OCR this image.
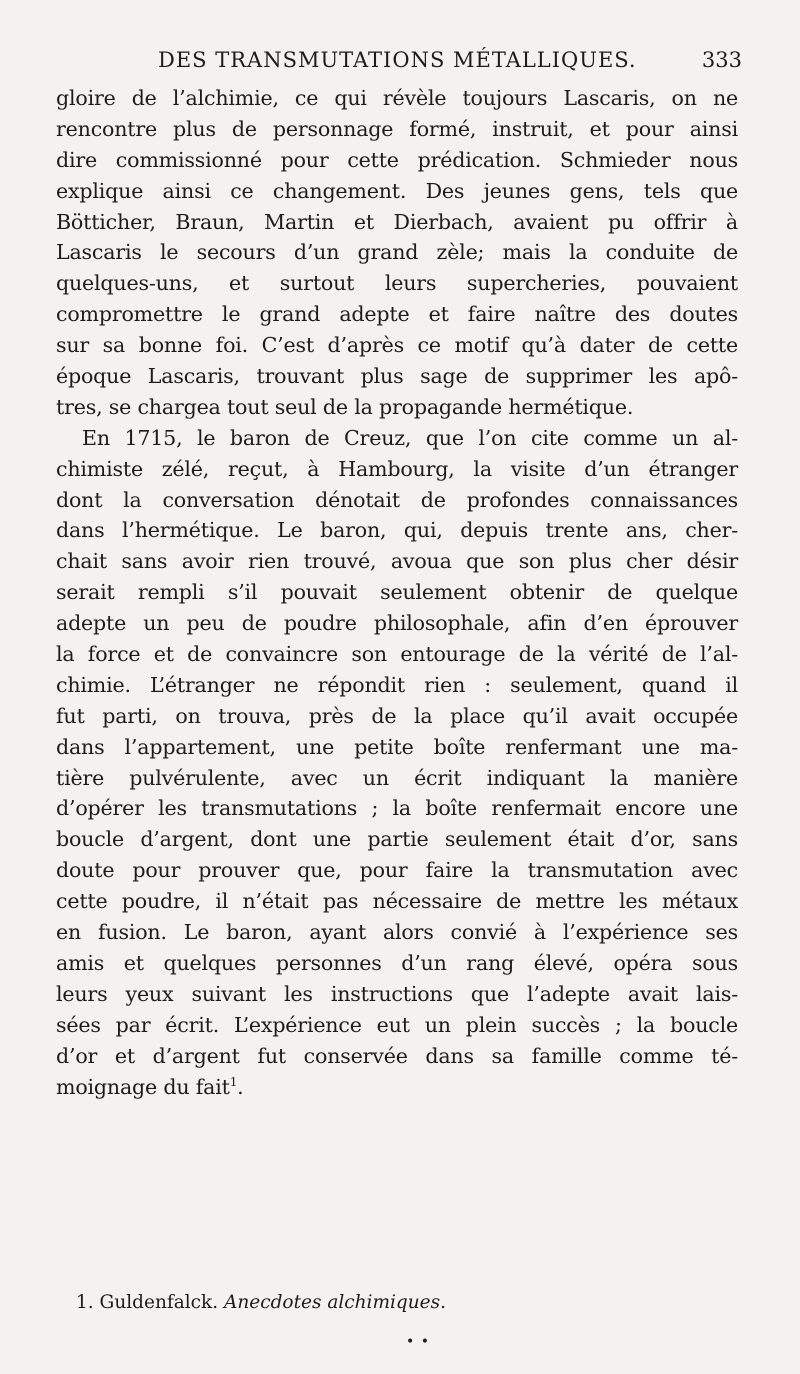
DES TRANSMUTATIONS MÉTALLIQUES.	333
gloire de l’alchimie, ce qui révèle toujours Lascaris, on ne
rencontre plus de personnage formé, instruit, et pour ainsi
dire commissionné pour cette prédication. Schmieder nous
explique ainsi ce changement. Des jeunes gens, tels que
Bötticher, Braun, Martin et Dierbach, avaient pu offrir à
Lascaris le secours d’un grand zèle; mais la conduite de
quelques-uns, et surtout leurs supercheries, pouvaient
compromettre le grand adepte et faire naître des doutes
sur sa bonne foi. C’est d’après ce motif qu’à dater de cette
époque Lascaris, trouvant plus sage de supprimer les apô-
tres, se chargea tout seul de la propagande hermétique.
En 1715, le baron de Creuz, que l’on cite comme un al-
chimiste zélé, reçut, à Hambourg, la visite d’un étranger
dont la conversation dénotait de profondes connaissances
dans l’hermétique. Le baron, qui, depuis trente ans, cher-
chait sans avoir rien trouvé, avoua que son plus cher désir
serait rempli s’il pouvait seulement obtenir de quelque
adepte un peu de poudre philosophale, afin d’en éprouver
la force et de convaincre son entourage de la vérité de l’al-
chimie. L’étranger ne répondit rien : seulement, quand il
fut parti, on trouva, près de la place qu’il avait occupée
dans l’appartement, une petite boîte renfermant une ma-
tière pulvérulente, avec un écrit indiquant la manière
d’opérer les transmutations ; la boîte renfermait encore une
boucle d’argent, dont une partie seulement était d’or, sans
doute pour prouver que, pour faire la transmutation avec
cette poudre, il n’était pas nécessaire de mettre les métaux
en fusion. Le baron, ayant alors convié à l’expérience ses
amis et quelques personnes d’un rang élevé, opéra sous
leurs yeux suivant les instructions que l’adepte avait lais-
sées par écrit. L’expérience eut un plein succès ; la boucle
d’or et d’argent fut conservée dans sa famille comme té-
moignage du fait$^1$.
1. Guldenfalck. Anecdotes alchimiques.
• •
